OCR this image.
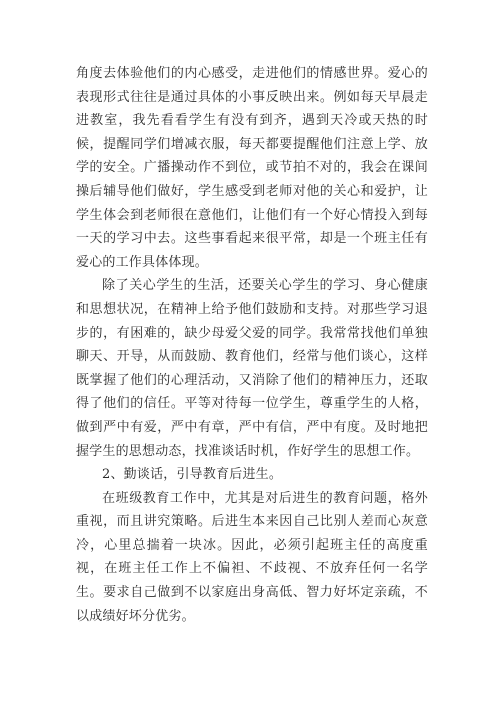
角度去体验他们的内心感受，走进他们的情感世界。爱心的表现形式往往是通过具体的小事反映出来。例如每天早晨走进教室，我先看看学生有没有到齐，遇到天冷或天热的时候，提醒同学们增减衣服，每天都要提醒他们注意上学、放学的安全。广播操动作不到位，或节拍不对的，我会在课间操后辅导他们做好，学生感受到老师对他的关心和爱护，让学生体会到老师很在意他们，让他们有一个好心情投入到每一天的学习中去。这些事看起来很平常，却是一个班主任有爱心的工作具体体现。

除了关心学生的生活，还要关心学生的学习、身心健康和思想状况，在精神上给予他们鼓励和支持。对那些学习退步的，有困难的，缺少母爱父爱的同学。我常常找他们单独聊天、开导，从而鼓励、教育他们，经常与他们谈心，这样既掌握了他们的心理活动，又消除了他们的精神压力，还取得了他们的信任。平等对待每一位学生，尊重学生的人格，做到严中有爱，严中有章，严中有信，严中有度。及时地把握学生的思想动态，找准谈话时机，作好学生的思想工作。

2、勤谈话，引导教育后进生。

在班级教育工作中，尤其是对后进生的教育问题，格外重视，而且讲究策略。后进生本来因自己比别人差而心灰意冷，心里总揣着一块冰。因此，必须引起班主任的高度重视，在班主任工作上不偏袒、不歧视、不放弃任何一名学生。要求自己做到不以家庭出身高低、智力好坏定亲疏，不以成绩好坏分优劣。
